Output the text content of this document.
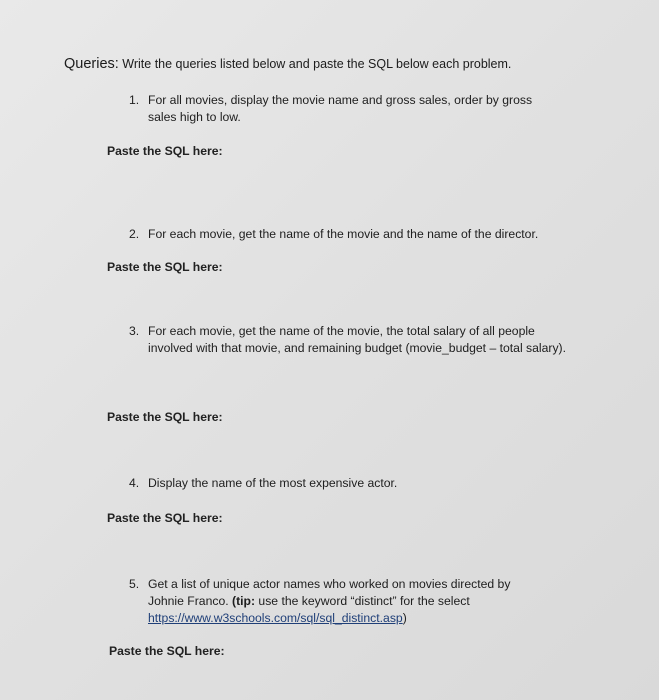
Queries: Write the queries listed below and paste the SQL below each problem.
1. For all movies, display the movie name and gross sales, order by gross sales high to low.
Paste the SQL here:
2. For each movie, get the name of the movie and the name of the director.
Paste the SQL here:
3. For each movie, get the name of the movie, the total salary of all people involved with that movie, and remaining budget (movie_budget – total salary).
Paste the SQL here:
4. Display the name of the most expensive actor.
Paste the SQL here:
5. Get a list of unique actor names who worked on movies directed by Johnie Franco. (tip: use the keyword “distinct” for the select https://www.w3schools.com/sql/sql_distinct.asp)
Paste the SQL here:
